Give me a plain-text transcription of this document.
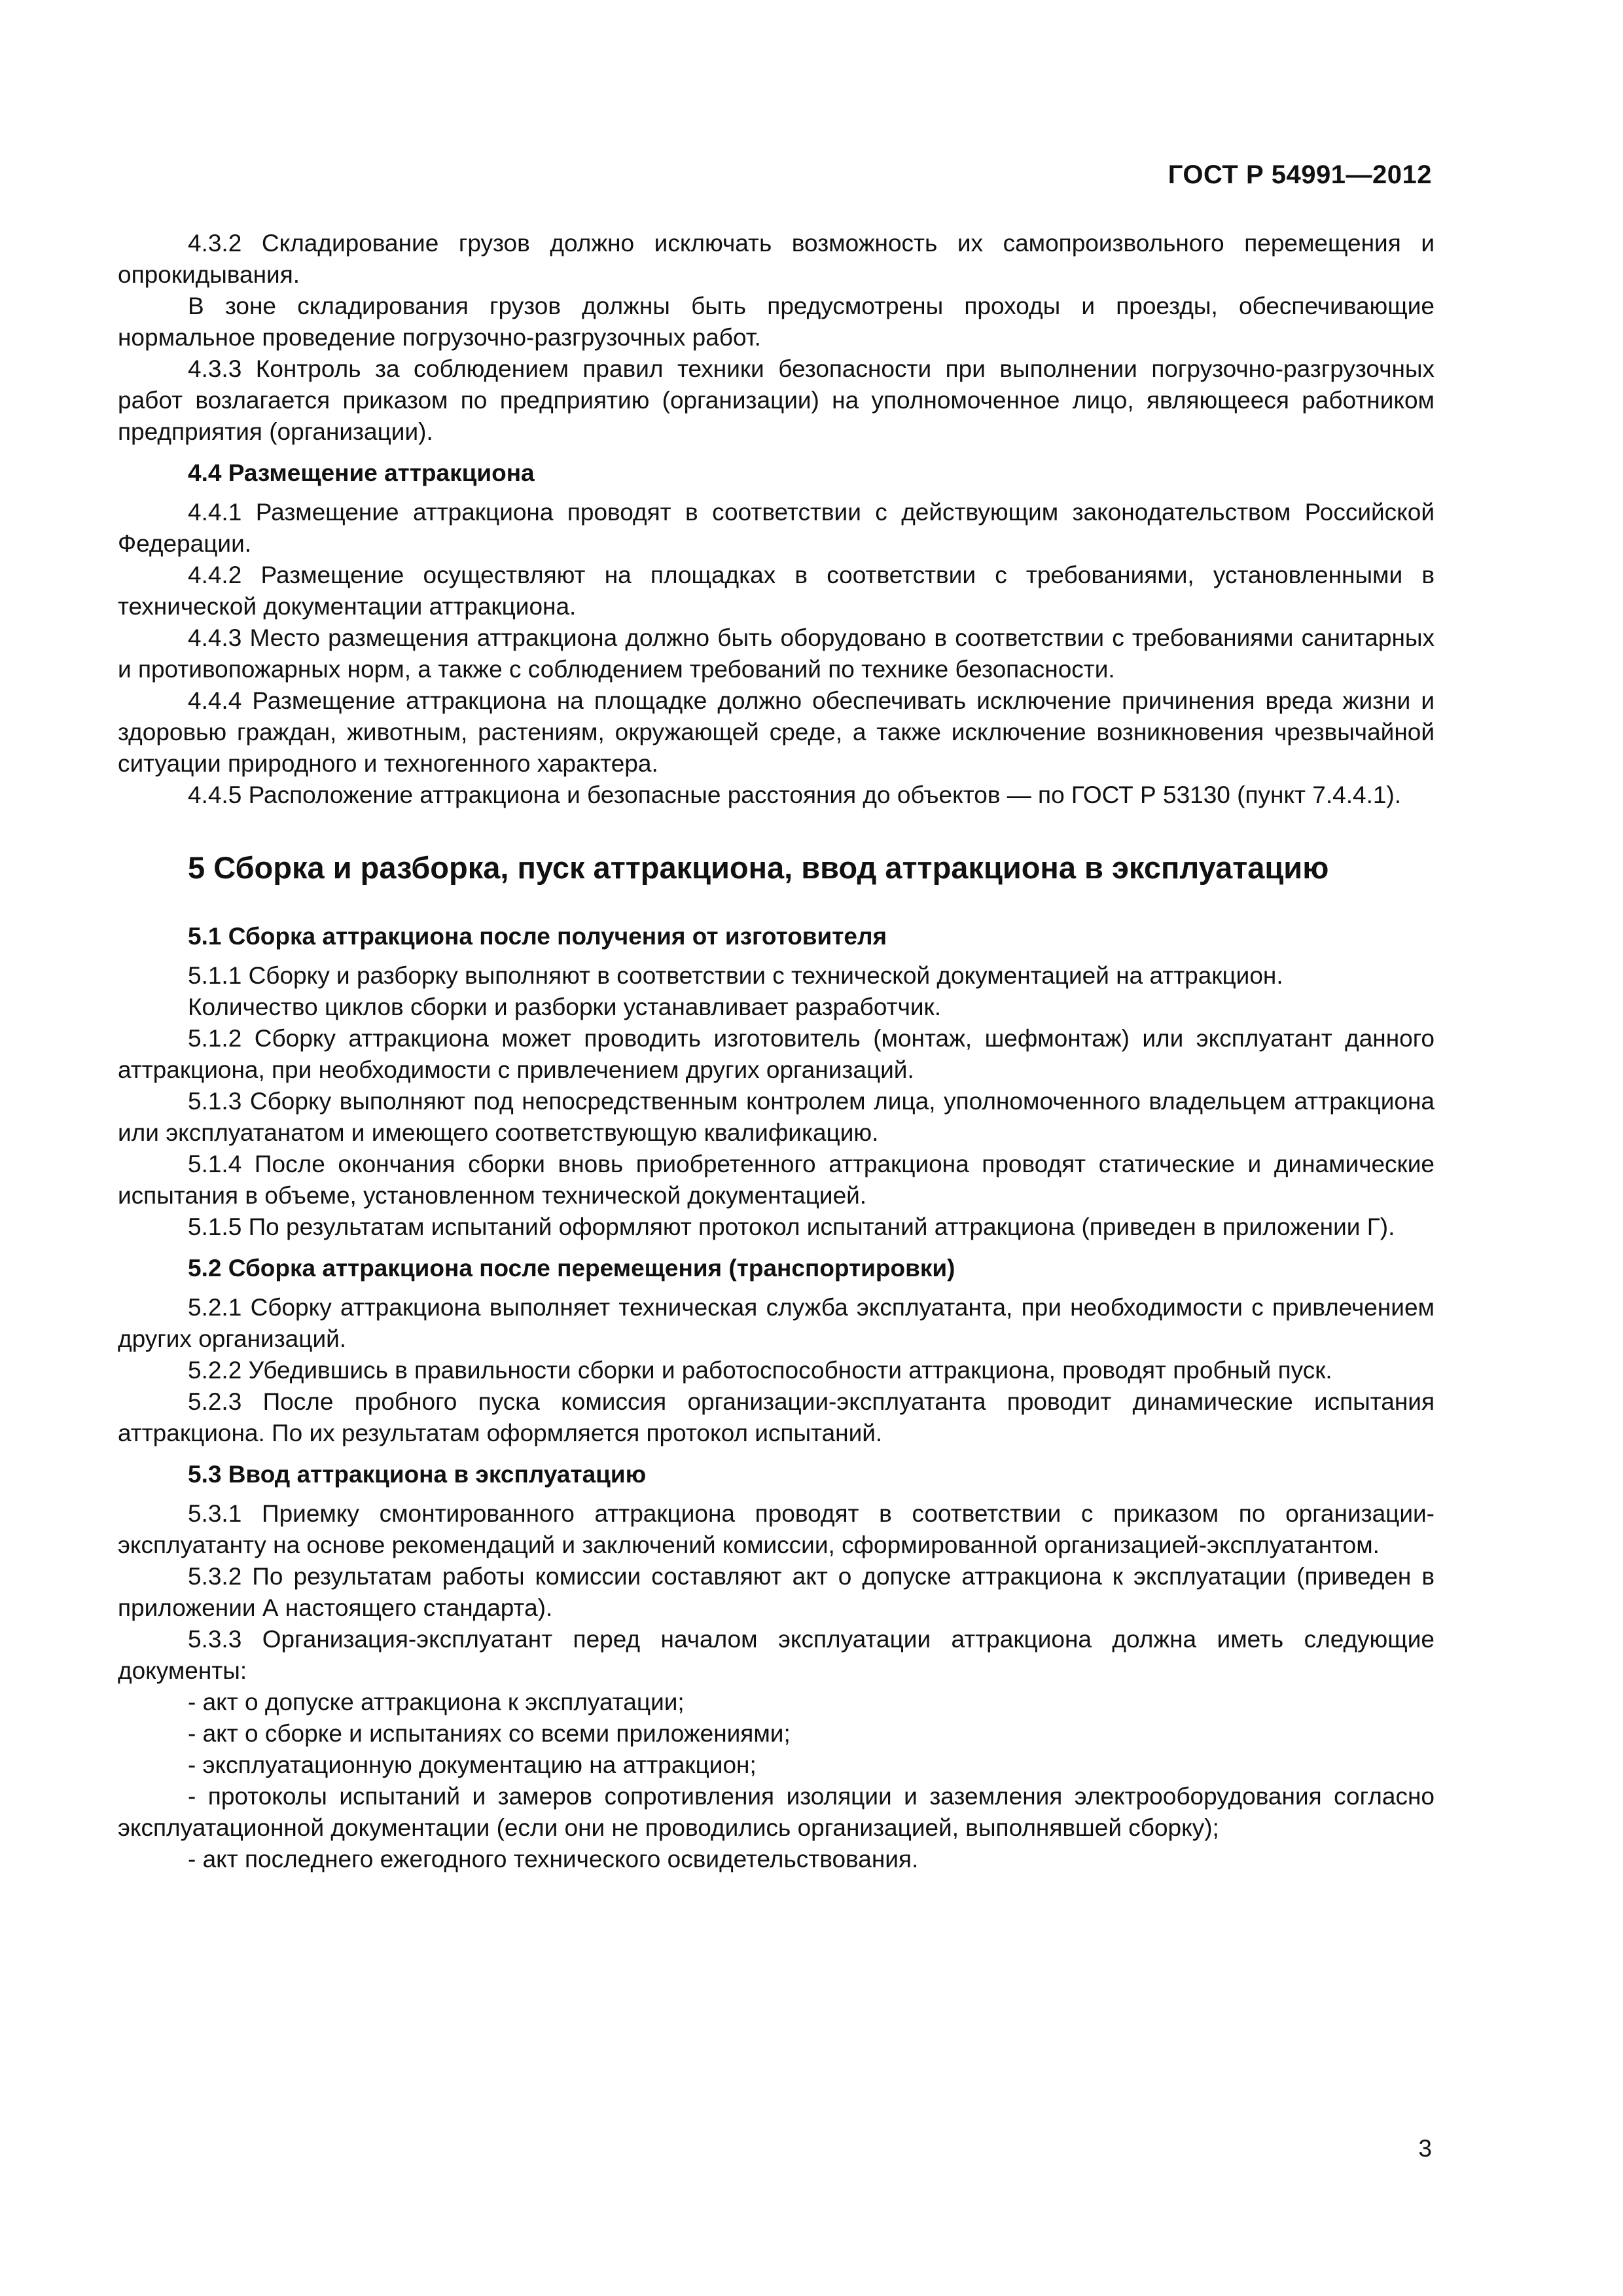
ГОСТ Р 54991—2012

4.3.2 Складирование грузов должно исключать возможность их самопроизвольного перемещения и опрокидывания.

В зоне складирования грузов должны быть предусмотрены проходы и проезды, обеспечивающие нормальное проведение погрузочно-разгрузочных работ.

4.3.3 Контроль за соблюдением правил техники безопасности при выполнении погрузочно-разгрузочных работ возлагается приказом по предприятию (организации) на уполномоченное лицо, являющееся работником предприятия (организации).

4.4 Размещение аттракциона

4.4.1 Размещение аттракциона проводят в соответствии с действующим законодательством Российской Федерации.

4.4.2 Размещение осуществляют на площадках в соответствии с требованиями, установленными в технической документации аттракциона.

4.4.3 Место размещения аттракциона должно быть оборудовано в соответствии с требованиями санитарных и противопожарных норм, а также с соблюдением требований по технике безопасности.

4.4.4 Размещение аттракциона на площадке должно обеспечивать исключение причинения вреда жизни и здоровью граждан, животным, растениям, окружающей среде, а также исключение возникновения чрезвычайной ситуации природного и техногенного характера.

4.4.5 Расположение аттракциона и безопасные расстояния до объектов — по ГОСТ Р 53130 (пункт 7.4.4.1).

5 Сборка и разборка, пуск аттракциона, ввод аттракциона в эксплуатацию
5.1 Сборка аттракциона после получения от изготовителя

5.1.1 Сборку и разборку выполняют в соответствии с технической документацией на аттракцион.

Количество циклов сборки и разборки устанавливает разработчик.

5.1.2 Сборку аттракциона может проводить изготовитель (монтаж, шефмонтаж) или эксплуатант данного аттракциона, при необходимости с привлечением других организаций.

5.1.3 Сборку выполняют под непосредственным контролем лица, уполномоченного владельцем аттракциона или эксплуатанатом и имеющего соответствующую квалификацию.

5.1.4 После окончания сборки вновь приобретенного аттракциона проводят статические и динамические испытания в объеме, установленном технической документацией.

5.1.5 По результатам испытаний оформляют протокол испытаний аттракциона (приведен в приложении Г).

5.2 Сборка аттракциона после перемещения (транспортировки)

5.2.1 Сборку аттракциона выполняет техническая служба эксплуатанта, при необходимости с привлечением других организаций.

5.2.2 Убедившись в правильности сборки и работоспособности аттракциона, проводят пробный пуск.

5.2.3 После пробного пуска комиссия организации-эксплуатанта проводит динамические испытания аттракциона. По их результатам оформляется протокол испытаний.

5.3 Ввод аттракциона в эксплуатацию

5.3.1 Приемку смонтированного аттракциона проводят в соответствии с приказом по организации-эксплуатанту на основе рекомендаций и заключений комиссии, сформированной организацией-эксплуатантом.

5.3.2 По результатам работы комиссии составляют акт о допуске аттракциона к эксплуатации (приведен в приложении А настоящего стандарта).

5.3.3 Организация-эксплуатант перед началом эксплуатации аттракциона должна иметь следующие документы:

- акт о допуске аттракциона к эксплуатации;

- акт о сборке и испытаниях со всеми приложениями;

- эксплуатационную документацию на аттракцион;

- протоколы испытаний и замеров сопротивления изоляции и заземления электрооборудования согласно эксплуатационной документации (если они не проводились организацией, выполнявшей сборку);

- акт последнего ежегодного технического освидетельствования.

3
